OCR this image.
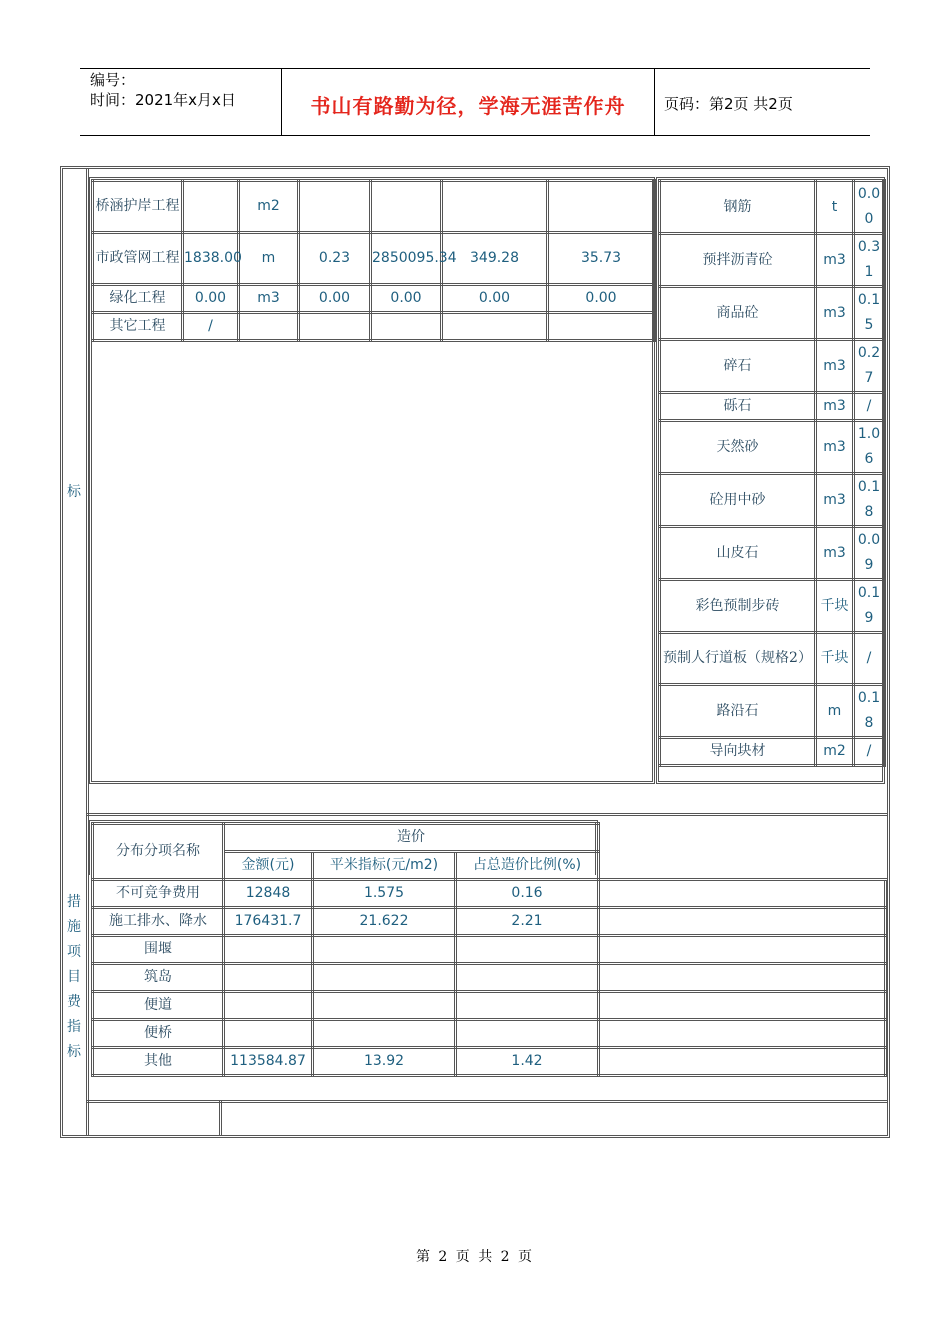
编号：
时间：2021年x月x日	书山有路勤为径，学海无涯苦作舟	页码：第2页 共2页
标
措
施
项
目
费
指
标
桥涵护岸工程		m2				
市政管网工程	1838.00	m	0.23	2850095.34	349.28	35.73
绿化工程	0.00	m3	0.00	0.00	0.00	0.00
其它工程	/					
钢筋	t	0.00
预拌沥青砼	m3	0.31
商品砼	m3	0.15
碎石	m3	0.27
砾石	m3	/
天然砂	m3	1.06
砼用中砂	m3	0.18
山皮石	m3	0.09
彩色预制步砖	千块	0.19
预制人行道板（规格2）	千块	/
路沿石	m	0.18
导向块材	m2	/
分布分项名称	造价			
	金额(元)	平米指标(元/m2)	占总造价比例(%)	
不可竞争费用	12848	1.575	0.16	
施工排水、降水	176431.7	21.622	2.21	
围堰				
筑岛				
便道				
便桥				
其他	113584.87	13.92	1.42	
第 2 页 共 2 页
